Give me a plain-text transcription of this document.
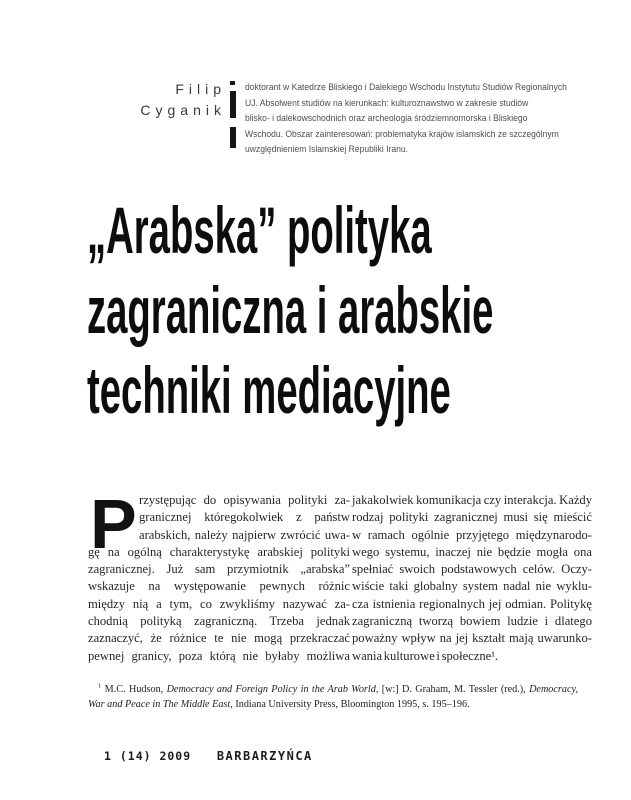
Filip
Cyganik
doktorant w Katedrze Bliskiego i Dalekiego Wschodu Instytutu Studiów Regionalnych
UJ. Absolwent studiów na kierunkach: kulturoznawstwo w zakresie studiów
blisko- i dalekowschodnich oraz archeologia śródziemnomorska i Bliskiego
Wschodu. Obszar zainteresowań: problematyka krajów islamskich ze szczególnym
uwzględnieniem Islamskiej Republiki Iranu.
„Arabska” polityka
zagraniczna i arabskie
techniki mediacyjne
P rzystępując do opisywania polityki za-
granicznej któregokolwiek z państw
arabskich, należy najpierw zwrócić uwa-
gę na ogólną charakterystykę arabskiej polityki
zagranicznej. Już sam przymiotnik „arabska”
wskazuje na występowanie pewnych różnic
między nią a tym, co zwykliśmy nazywać za-
chodnią polityką zagraniczną. Trzeba jednak
zaznaczyć, że różnice te nie mogą przekraczać
pewnej granicy, poza którą nie byłaby możliwa
jakakolwiek komunikacja czy interakcja. Każdy
rodzaj polityki zagranicznej musi się mieścić
w ramach ogólnie przyjętego międzynarodo-
wego systemu, inaczej nie będzie mogła ona
spełniać swoich podstawowych celów. Oczy-
wiście taki globalny system nadal nie wyklu-
cza istnienia regionalnych jej odmian. Politykę
zagraniczną tworzą bowiem ludzie i dlatego
poważny wpływ na jej kształt mają uwarunko-
wania kulturowe i społeczne¹.
$^1$ M.C. Hudson, Democracy and Foreign Policy in the Arab World, [w:] D. Graham, M. Tessler (red.), Democracy, War and Peace in The Middle East, Indiana University Press, Bloomington 1995, s. 195–196.
1 (14) 2009 BARBARZYŃCA
